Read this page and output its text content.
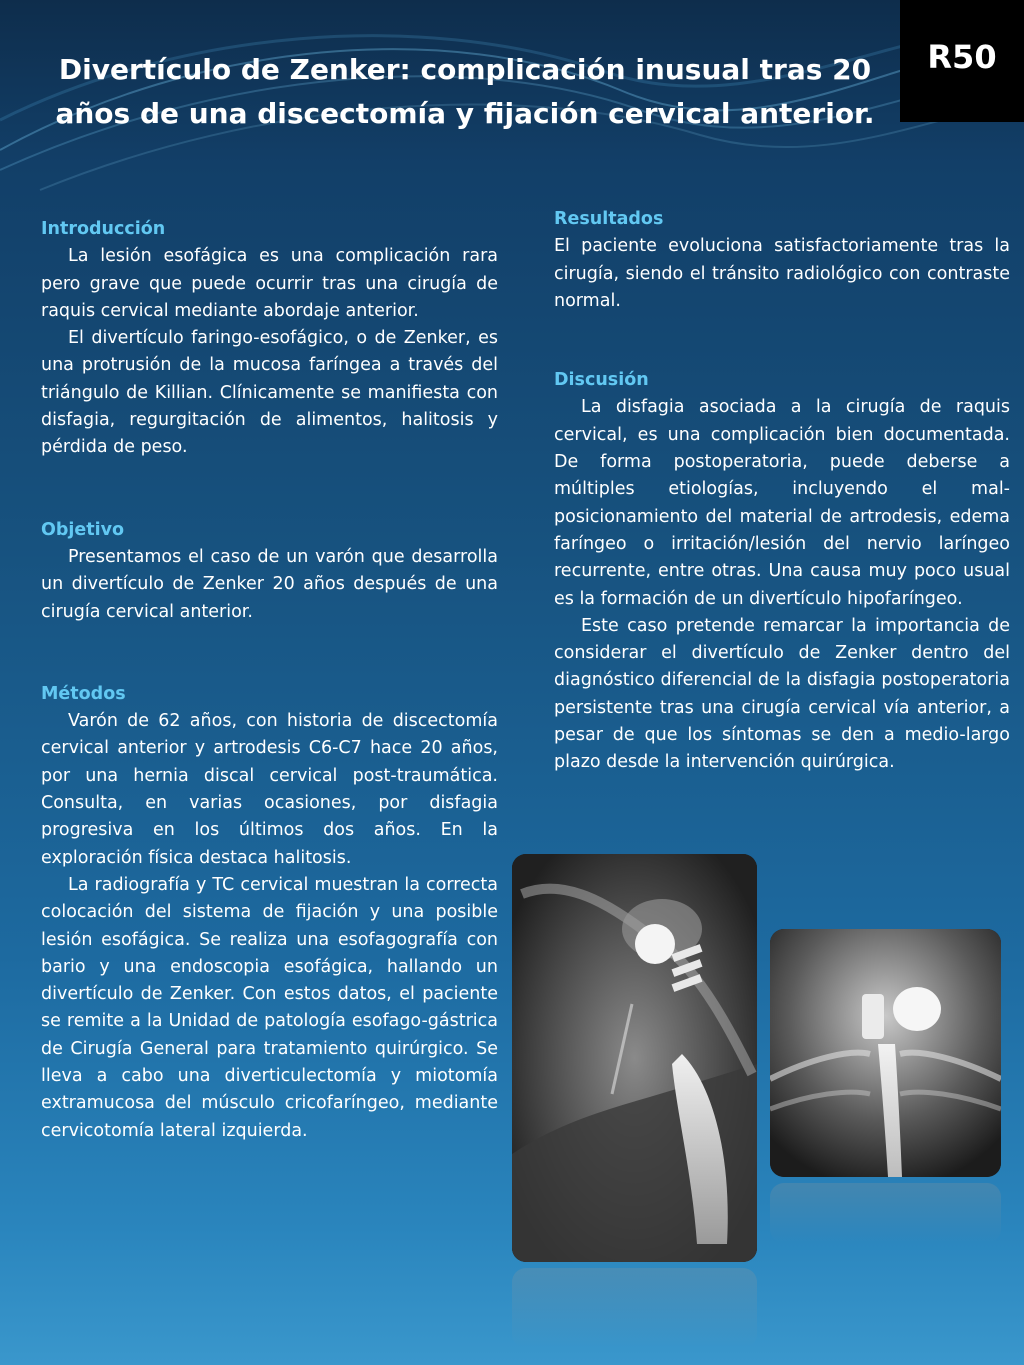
Divertículo de Zenker: complicación inusual tras 20 años de una discectomía y fijación cervical anterior.
R50
Introducción

La lesión esofágica es una complicación rara pero grave que puede ocurrir tras una cirugía de raquis cervical mediante abordaje anterior.

El divertículo faringo-esofágico, o de Zenker, es una protrusión de la mucosa faríngea a través del triángulo de Killian. Clínicamente se manifiesta con disfagia, regurgitación de alimentos, halitosis y pérdida de peso.

Objetivo

Presentamos el caso de un varón que desarrolla un divertículo de Zenker 20 años después de una cirugía cervical anterior.

Métodos

Varón de 62 años, con historia de discectomía cervical anterior y artrodesis C6-C7 hace 20 años, por una hernia discal cervical post-traumática. Consulta, en varias ocasiones, por disfagia progresiva en los últimos dos años. En la exploración física destaca halitosis.

La radiografía y TC cervical muestran la correcta colocación del sistema de fijación y una posible lesión esofágica. Se realiza una esofagografía con bario y una endoscopia esofágica, hallando un divertículo de Zenker. Con estos datos, el paciente se remite a la Unidad de patología esofago-gástrica de Cirugía General para tratamiento quirúrgico. Se lleva a cabo una diverticulectomía y miotomía extramucosa del músculo cricofaríngeo, mediante cervicotomía lateral izquierda.

Resultados

El paciente evoluciona satisfactoriamente tras la cirugía, siendo el tránsito radiológico con contraste normal.

Discusión

La disfagia asociada a la cirugía de raquis cervical, es una complicación bien documentada. De forma postoperatoria, puede deberse a múltiples etiologías, incluyendo el mal-posicionamiento del material de artrodesis, edema faríngeo o irritación/lesión del nervio laríngeo recurrente, entre otras. Una causa muy poco usual es la formación de un divertículo hipofaríngeo.

Este caso pretende remarcar la importancia de considerar el divertículo de Zenker dentro del diagnóstico diferencial de la disfagia postoperatoria persistente tras una cirugía cervical vía anterior, a pesar de que los síntomas se den a medio-largo plazo desde la intervención quirúrgica.
